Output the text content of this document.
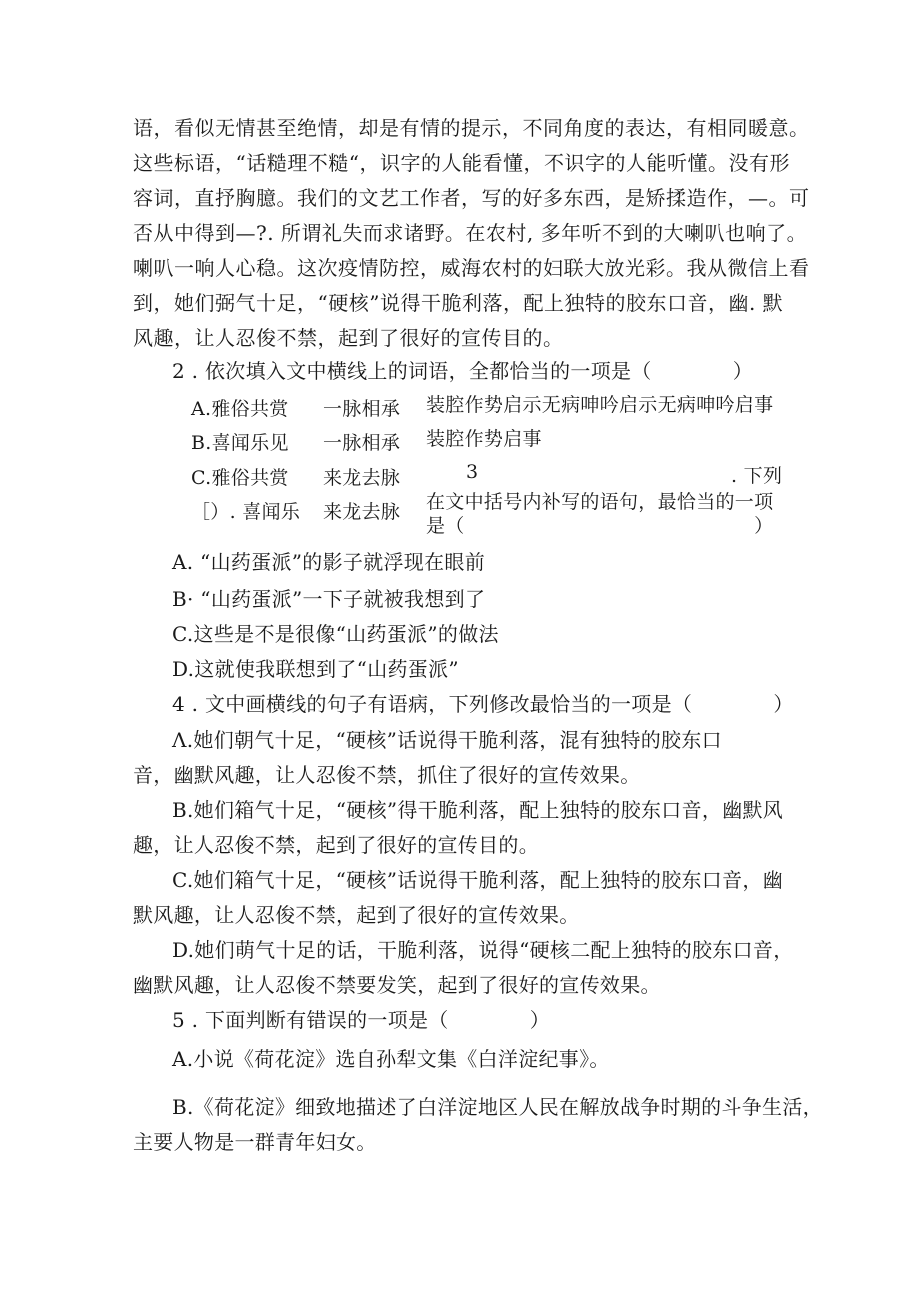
语，看似无情甚至绝情，却是有情的提示，不同角度的表达，有相同暖意。

这些标语，“话糙理不糙“，识字的人能看懂，不识字的人能听懂。没有形

容词，直抒胸臆。我们的文艺工作者，写的好多东西，是矫揉造作，—。可

否从中得到—?. 所谓礼失而求诸野。在农村, 多年听不到的大喇叭也响了。

喇叭一响人心稳。这次疫情防控，威海农村的妇联大放光彩。我从微信上看

到，她们弼气十足，“硬核”说得干脆利落，配上独特的胶东口音，幽. 默

风趣，让人忍俊不禁，起到了很好的宣传目的。

2 . 依次填入文中横线上的词语，全都恰当的一项是（　　　　）
A.雅俗共赏 一脉相承 装腔作势启示无病呻吟启示无病呻吟启事
B.喜闻乐见 一脉相承 装腔作势启事
C.雅俗共赏 来龙去脉
［）. 喜闻乐 来龙去脉
3	. 下列
在文中括号内补写的语句，最恰当的一项
是（　　　　　　　　　　　　　　　）
A. “山药蛋派”的影子就浮现在眼前
B· “山药蛋派”一下子就被我想到了
C.这些是不是很像“山药蛋派”的做法
D.这就使我联想到了“山药蛋派”
4 . 文中画横线的句子有语病，下列修改最恰当的一项是（　　　　）
Λ.她们朝气十足，“硬核”话说得干脆利落，混有独特的胶东口
音，幽默风趣，让人忍俊不禁，抓住了很好的宣传效果。
B.她们箱气十足，“硬核”得干脆利落，配上独特的胶东口音，幽默风
趣，让人忍俊不禁，起到了很好的宣传目的。
C.她们箱气十足，“硬核”话说得干脆利落，配上独特的胶东口音，幽
默风趣，让人忍俊不禁，起到了很好的宣传效果。
D.她们萌气十足的话，干脆利落，说得“硬核二配上独特的胶东口音，
幽默风趣，让人忍俊不禁要发笑，起到了很好的宣传效果。
5 . 下面判断有错误的一项是（　　　　）
A.小说《荷花淀》选自孙犁文集《白洋淀纪事》。
B.《荷花淀》细致地描述了白洋淀地区人民在解放战争时期的斗争生活，
主要人物是一群青年妇女。
